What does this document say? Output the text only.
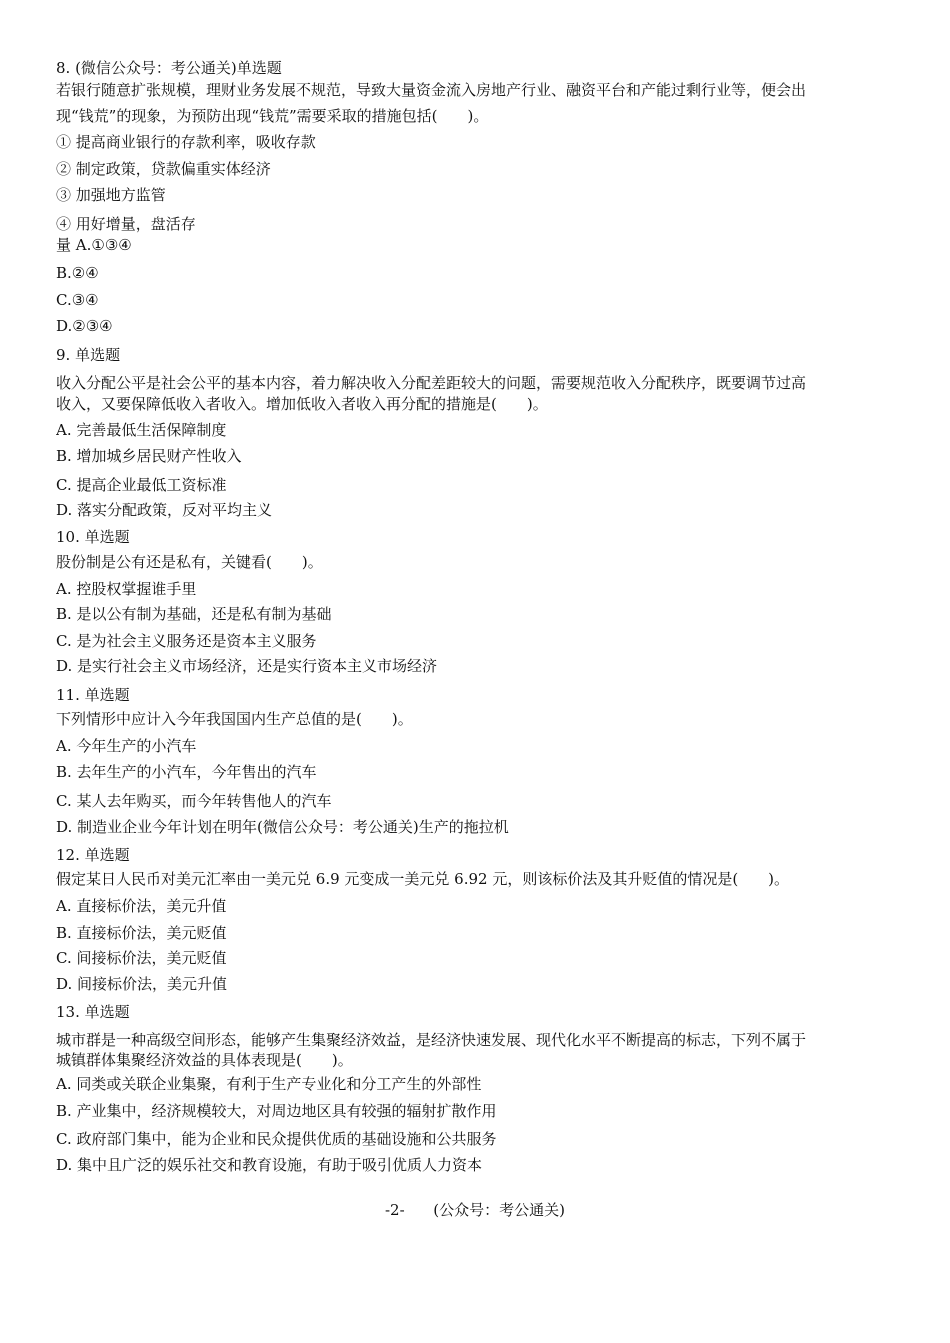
8. (微信公众号：考公通关)单选题
若银行随意扩张规模，理财业务发展不规范，导致大量资金流入房地产行业、融资平台和产能过剩行业等，便会出
现“钱荒”的现象，为预防出现“钱荒”需要采取的措施包括(　　)。
① 提高商业银行的存款利率，吸收存款
② 制定政策，贷款偏重实体经济
③ 加强地方监管
④ 用好增量，盘活存
量 A.①③④
B.②④
C.③④
D.②③④
9. 单选题
收入分配公平是社会公平的基本内容，着力解决收入分配差距较大的问题，需要规范收入分配秩序，既要调节过高
收入，又要保障低收入者收入。增加低收入者收入再分配的措施是(　　)。
A. 完善最低生活保障制度
B. 增加城乡居民财产性收入
C. 提高企业最低工资标准
D. 落实分配政策，反对平均主义
10. 单选题
股份制是公有还是私有，关键看(　　)。
A. 控股权掌握谁手里
B. 是以公有制为基础，还是私有制为基础
C. 是为社会主义服务还是资本主义服务
D. 是实行社会主义市场经济，还是实行资本主义市场经济
11. 单选题
下列情形中应计入今年我国国内生产总值的是(　　)。
A. 今年生产的小汽车
B. 去年生产的小汽车，今年售出的汽车
C. 某人去年购买，而今年转售他人的汽车
D. 制造业企业今年计划在明年(微信公众号：考公通关)生产的拖拉机
12. 单选题
假定某日人民币对美元汇率由一美元兑 6.9 元变成一美元兑 6.92 元，则该标价法及其升贬值的情况是(　　)。
A. 直接标价法，美元升值
B. 直接标价法，美元贬值
C. 间接标价法，美元贬值
D. 间接标价法，美元升值
13. 单选题
城市群是一种高级空间形态，能够产生集聚经济效益，是经济快速发展、现代化水平不断提高的标志，下列不属于
城镇群体集聚经济效益的具体表现是(　　)。
A. 同类或关联企业集聚，有利于生产专业化和分工产生的外部性
B. 产业集中，经济规模较大，对周边地区具有较强的辐射扩散作用
C. 政府部门集中，能为企业和民众提供优质的基础设施和公共服务
D. 集中且广泛的娱乐社交和教育设施，有助于吸引优质人力资本
-2- (公众号：考公通关)
